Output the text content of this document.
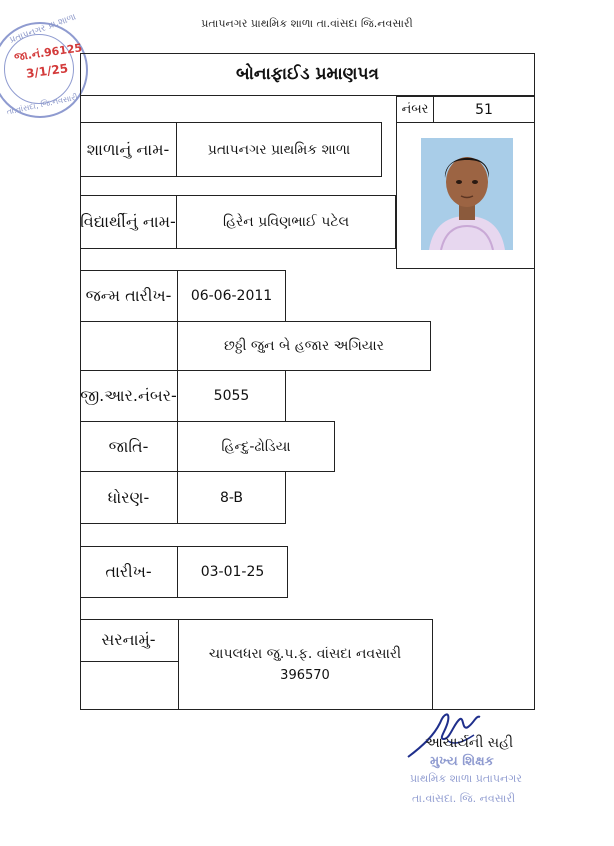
પ્રતાપનગર પ્રાથમિક શાળા તા.વાંસદા જિ.નવસારી
પ્રતાપનગર પ્રા.શાળા
તા.વાંસદા, જિ.નવસારી
જા.નં.96125
3/1/25	બોનાફાઈડ પ્રમાણપત્ર
નંબર	51
શાળાનું નામ-	પ્રતાપનગર પ્રાથમિક શાળા
વિદ્યાર્થીનું નામ-	હિરેન પ્રવિણભાઈ પટેલ
જન્મ તારીખ- 06-06-2011
છઠ્ઠી જુન બે હજાર અગિયાર
જી.આર.નંબર-	5055
જાતિ-	હિન્દુ-ઢોડિયા
ધોરણ-	8-B
તારીખ-	03-01-25
સરનામું-
ચાપલધરા જુ.પ.ફ. વાંસદા નવસારી
396570
આચાર્યની સહી
મુખ્ય શિક્ષક
પ્રાથમિક શાળા પ્રતાપનગર
તા.વાંસદા. જિ. નવસારી
